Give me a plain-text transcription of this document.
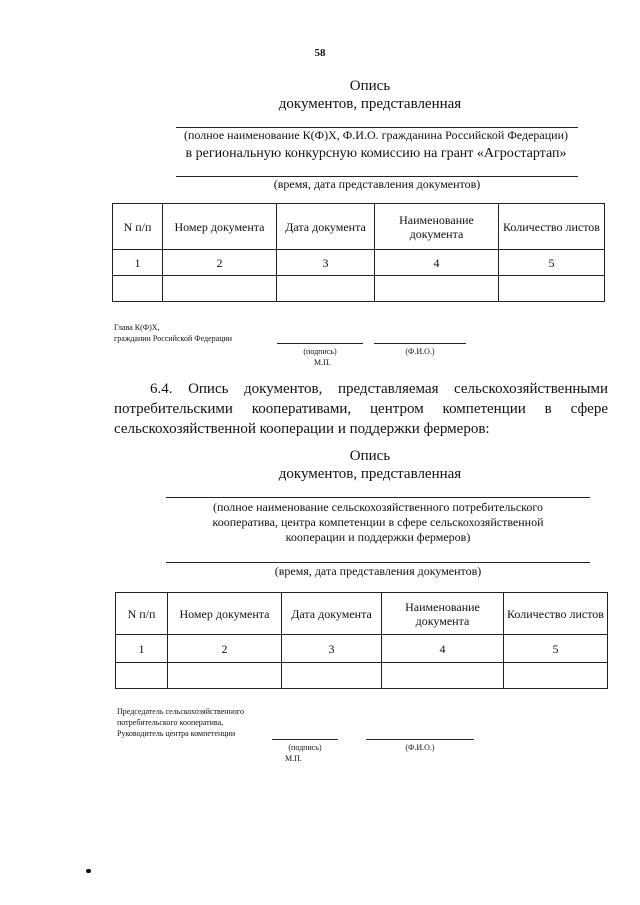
58
Опись
документов, представленная
(полное наименование К(Ф)Х, Ф.И.О. гражданина Российской Федерации)
в региональную конкурсную комиссию на грант «Агростартап»
(время, дата представления документов)
N п/п	Номер документа	Дата документа	Наименование документа	Количество листов
1	2	3	4	5

Глава К(Ф)Х,
гражданин Российской Федерации
(подпись)	(Ф.И.О.)
М.П.
6.4. Опись документов, представляемая сельскохозяйственными
потребительскими кооперативами, центром компетенции в сфере
сельскохозяйственной кооперации и поддержки фермеров:
Опись
документов, представленная
(полное наименование сельскохозяйственного потребительского
кооператива, центра компетенции в сфере сельскохозяйственной
кооперации и поддержки фермеров)
(время, дата представления документов)
N п/п	Номер документа	Дата документа	Наименование документа	Количество листов
1	2	3	4	5

Председатель сельскохозяйственного
потребительского кооператива,
Руководитель центра компетенции
(подпись)	(Ф.И.О.)
М.П.
